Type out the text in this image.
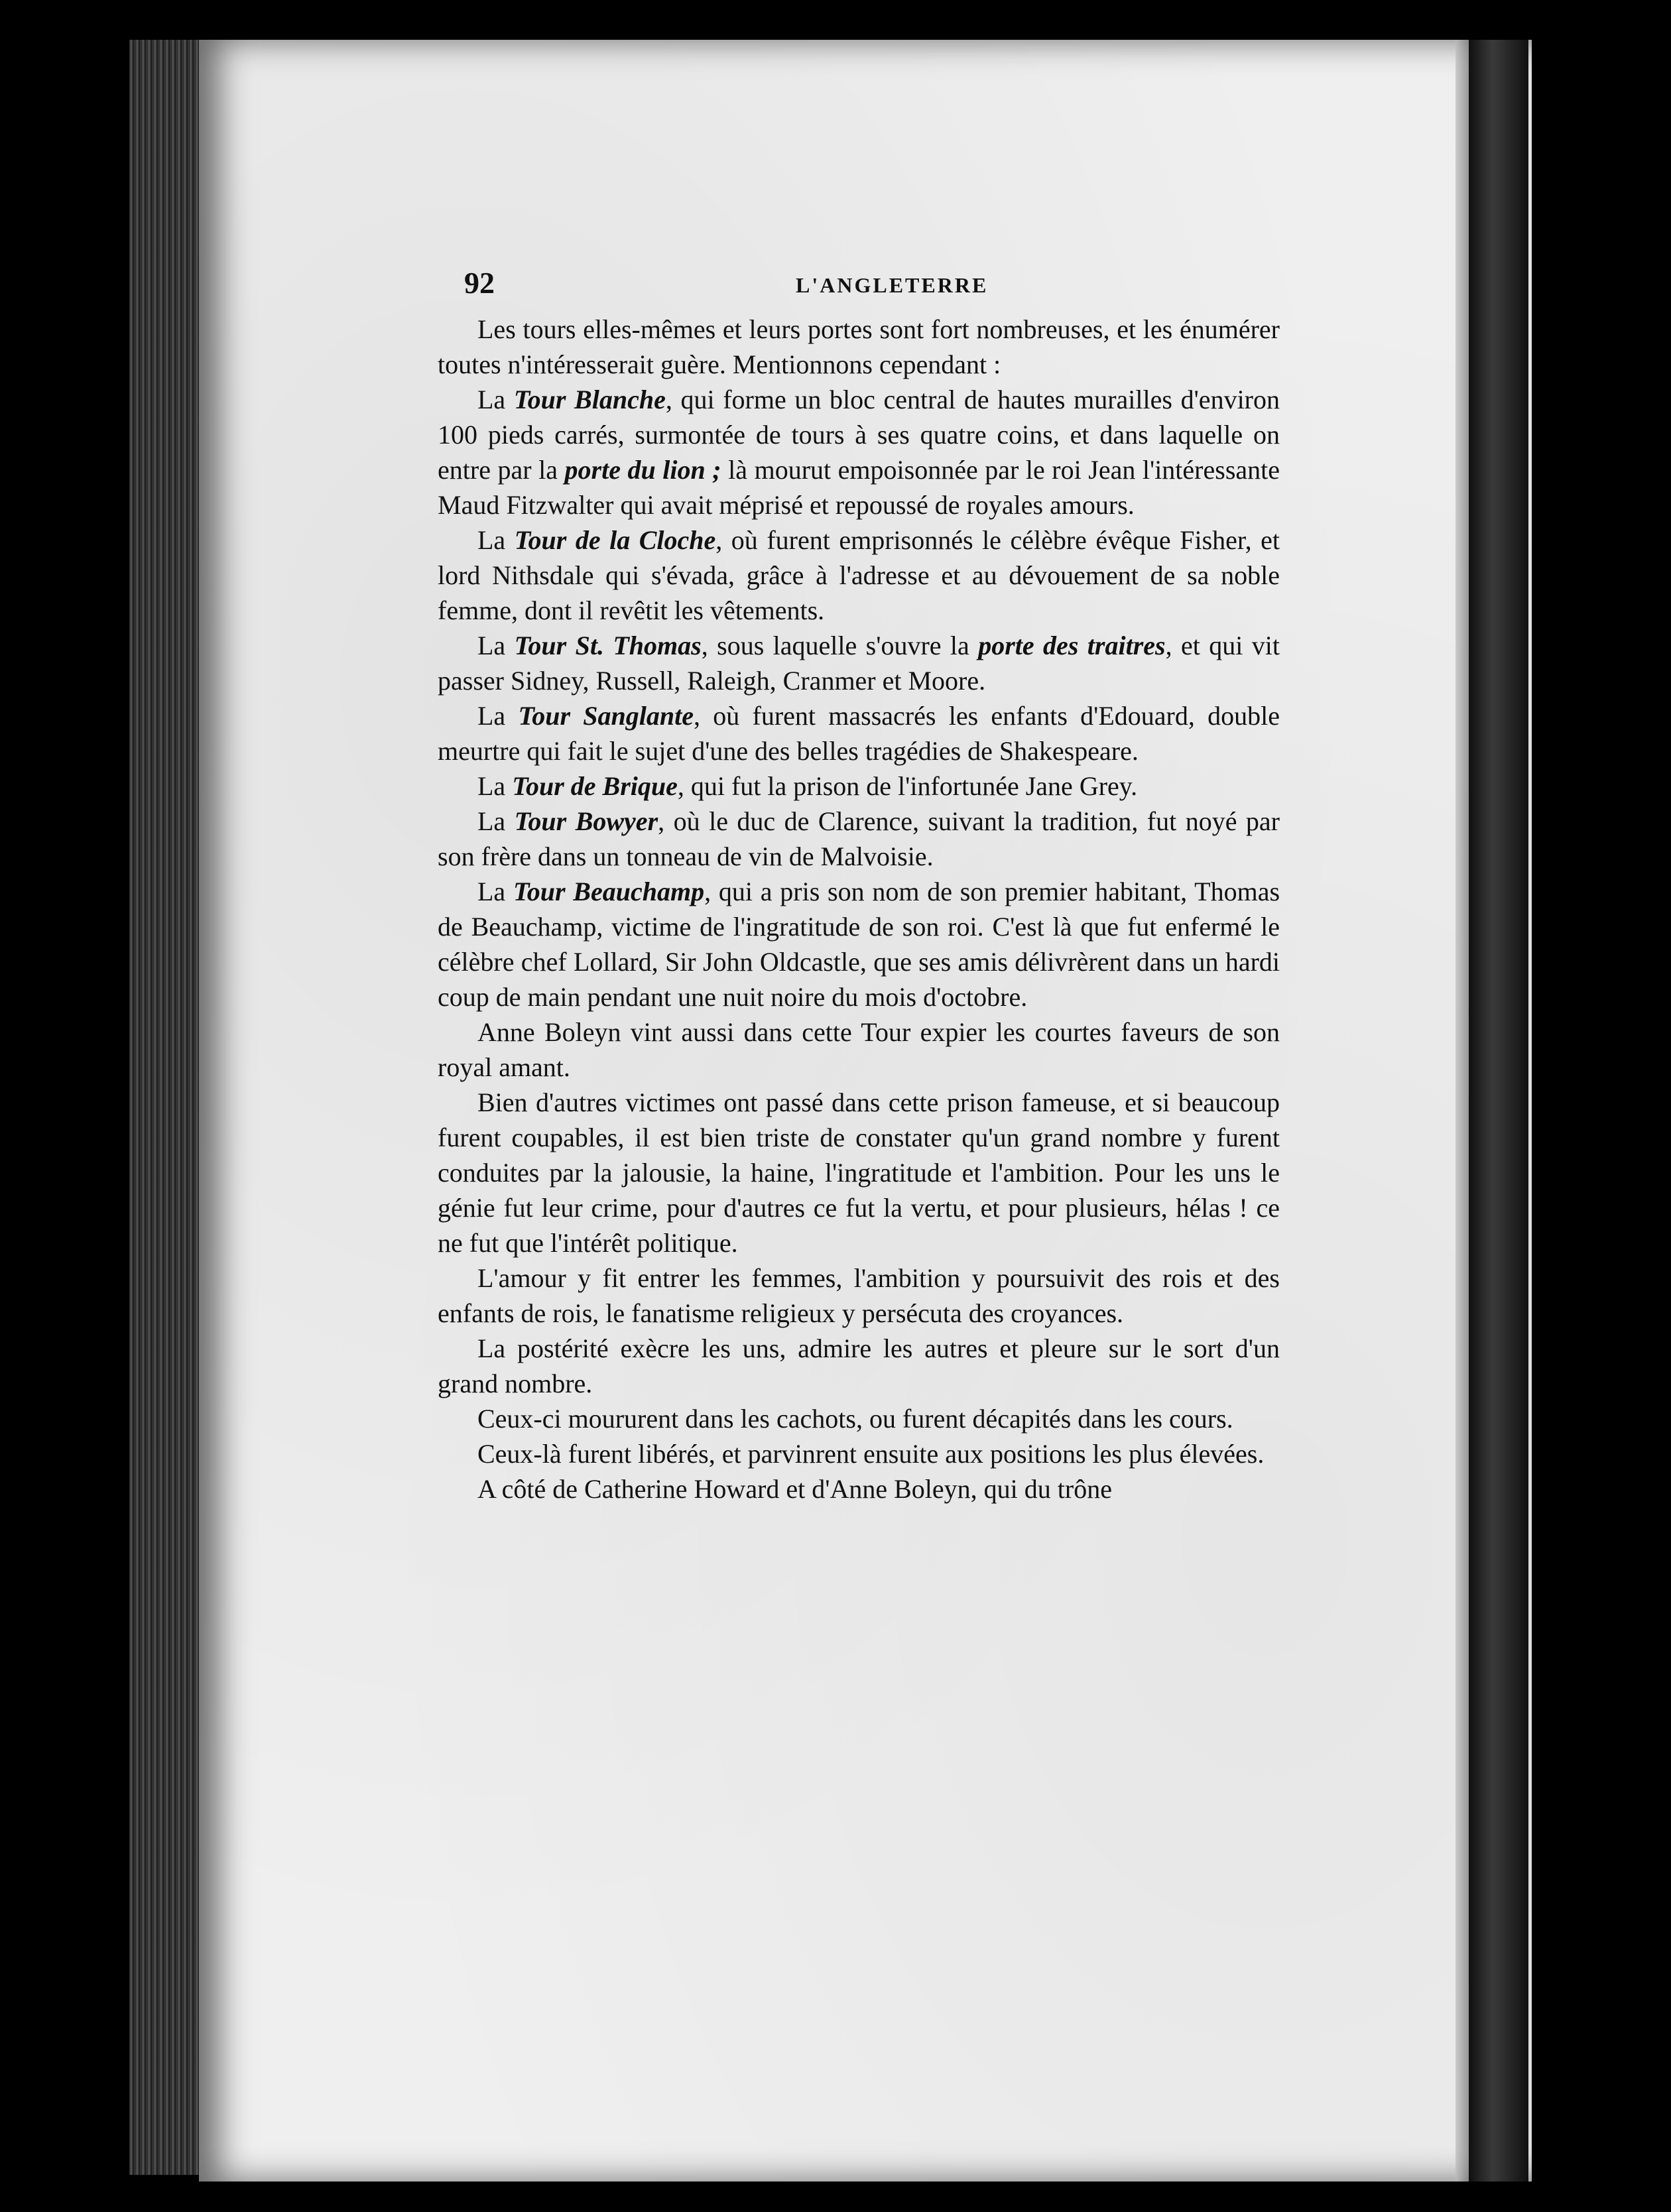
92	L'ANGLETERRE

Les tours elles-mêmes et leurs portes sont fort nombreuses, et les énumérer toutes n'intéresserait guère. Mentionnons cependant :

La Tour Blanche, qui forme un bloc central de hautes murailles d'environ 100 pieds carrés, surmontée de tours à ses quatre coins, et dans laquelle on entre par la porte du lion ; là mourut empoisonnée par le roi Jean l'intéressante Maud Fitzwalter qui avait méprisé et repoussé de royales amours.

La Tour de la Cloche, où furent emprisonnés le célèbre évêque Fisher, et lord Nithsdale qui s'évada, grâce à l'adresse et au dévouement de sa noble femme, dont il revêtit les vêtements.

La Tour St. Thomas, sous laquelle s'ouvre la porte des traitres, et qui vit passer Sidney, Russell, Raleigh, Cranmer et Moore.

La Tour Sanglante, où furent massacrés les enfants d'Edouard, double meurtre qui fait le sujet d'une des belles tragédies de Shakespeare.

La Tour de Brique, qui fut la prison de l'infortunée Jane Grey.

La Tour Bowyer, où le duc de Clarence, suivant la tradition, fut noyé par son frère dans un tonneau de vin de Malvoisie.

La Tour Beauchamp, qui a pris son nom de son premier habitant, Thomas de Beauchamp, victime de l'ingratitude de son roi. C'est là que fut enfermé le célèbre chef Lollard, Sir John Oldcastle, que ses amis délivrèrent dans un hardi coup de main pendant une nuit noire du mois d'octobre.

Anne Boleyn vint aussi dans cette Tour expier les courtes faveurs de son royal amant.

Bien d'autres victimes ont passé dans cette prison fameuse, et si beaucoup furent coupables, il est bien triste de constater qu'un grand nombre y furent conduites par la jalousie, la haine, l'ingratitude et l'ambition. Pour les uns le génie fut leur crime, pour d'autres ce fut la vertu, et pour plusieurs, hélas ! ce ne fut que l'intérêt politique.

L'amour y fit entrer les femmes, l'ambition y poursuivit des rois et des enfants de rois, le fanatisme religieux y persécuta des croyances.

La postérité exècre les uns, admire les autres et pleure sur le sort d'un grand nombre.

Ceux-ci moururent dans les cachots, ou furent décapités dans les cours.

Ceux-là furent libérés, et parvinrent ensuite aux positions les plus élevées.

A côté de Catherine Howard et d'Anne Boleyn, qui du trône
